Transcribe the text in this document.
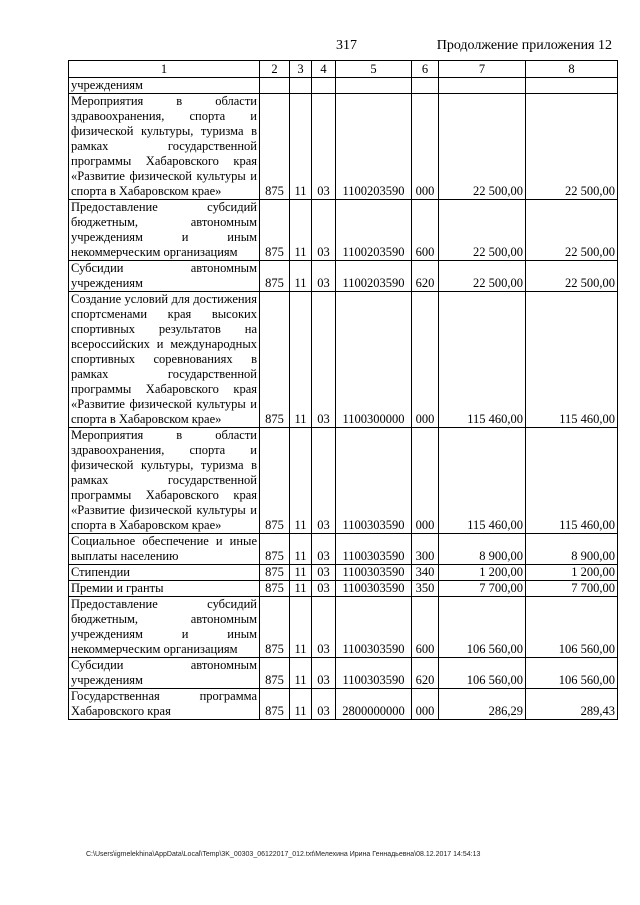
317	Продолжение приложения 12
1	2	3	4	5	6	7	8
учреждениям							
Мероприятия в области здравоохранения, спорта и физической культуры, туризма в рамках государственной программы Хабаровского края «Развитие физической культуры и спорта в Хабаровском крае»	875	11	03	1100203590	000	22 500,00	22 500,00
Предоставление субсидий бюджетным, автономным учреждениям и иным некоммерческим организациям	875	11	03	1100203590	600	22 500,00	22 500,00
Субсидии автономным учреждениям	875	11	03	1100203590	620	22 500,00	22 500,00
Создание условий для достижения спортсменами края высоких спортивных результатов на всероссийских и международных спортивных соревнованиях в рамках государственной программы Хабаровского края «Развитие физической культуры и спорта в Хабаровском крае»	875	11	03	1100300000	000	115 460,00	115 460,00
Мероприятия в области здравоохранения, спорта и физической культуры, туризма в рамках государственной программы Хабаровского края «Развитие физической культуры и спорта в Хабаровском крае»	875	11	03	1100303590	000	115 460,00	115 460,00
Социальное обеспечение и иные выплаты населению	875	11	03	1100303590	300	8 900,00	8 900,00
Стипендии	875	11	03	1100303590	340	1 200,00	1 200,00
Премии и гранты	875	11	03	1100303590	350	7 700,00	7 700,00
Предоставление субсидий бюджетным, автономным учреждениям и иным некоммерческим организациям	875	11	03	1100303590	600	106 560,00	106 560,00
Субсидии автономным учреждениям	875	11	03	1100303590	620	106 560,00	106 560,00
Государственная программа Хабаровского края	875	11	03	2800000000	000	286,29	289,43
C:\Users\igmelekhina\AppData\Local\Temp\3K_00303_06122017_012.txt\Мелехина Ирина Геннадьевна\08.12.2017 14:54:13
